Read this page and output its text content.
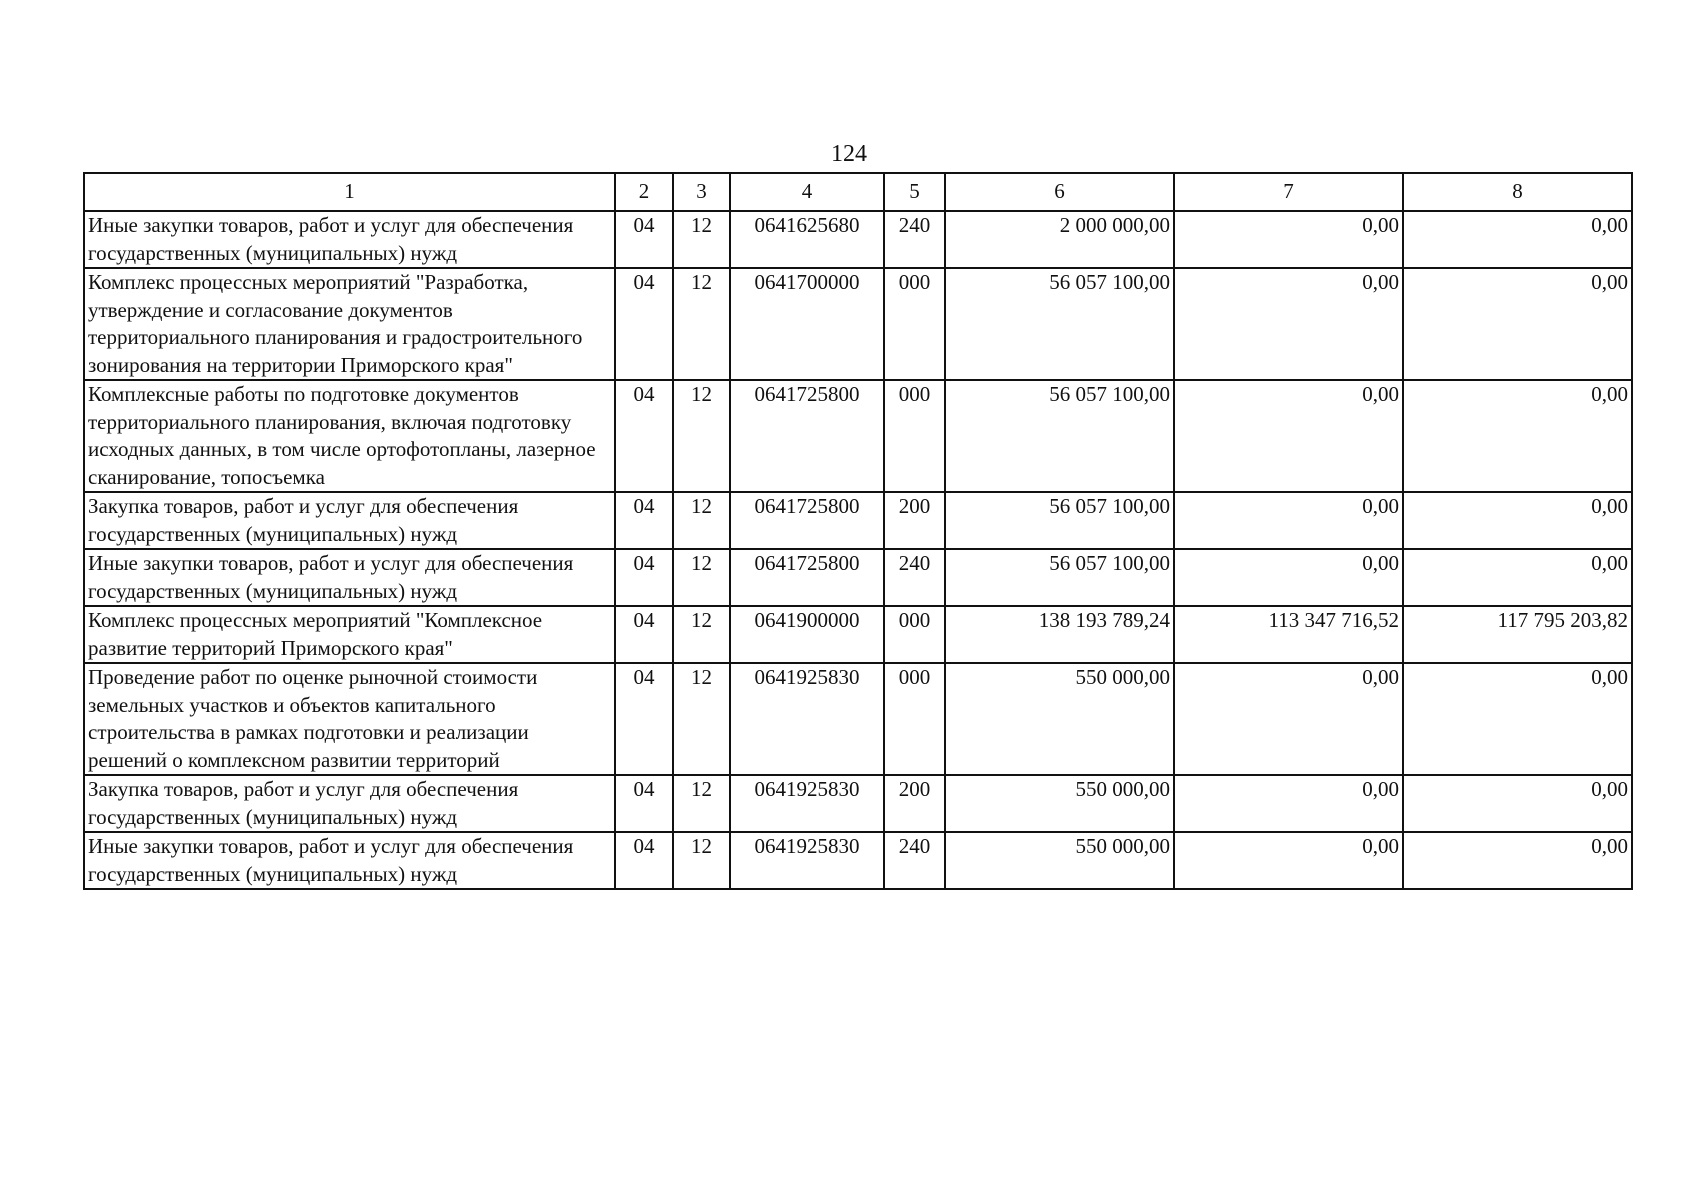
124
1	2	3	4	5	6	7	8
Иные закупки товаров, работ и услуг для обеспечения государственных (муниципальных) нужд	04	12	0641625680	240	2 000 000,00	0,00	0,00
Комплекс процессных мероприятий "Разработка, утверждение и согласование документов территориального планирования и градостроительного зонирования на территории Приморского края"	04	12	0641700000	000	56 057 100,00	0,00	0,00
Комплексные работы по подготовке документов территориального планирования, включая подготовку исходных данных, в том числе ортофотопланы, лазерное сканирование, топосъемка	04	12	0641725800	000	56 057 100,00	0,00	0,00
Закупка товаров, работ и услуг для обеспечения государственных (муниципальных) нужд	04	12	0641725800	200	56 057 100,00	0,00	0,00
Иные закупки товаров, работ и услуг для обеспечения государственных (муниципальных) нужд	04	12	0641725800	240	56 057 100,00	0,00	0,00
Комплекс процессных мероприятий "Комплексное развитие территорий Приморского края"	04	12	0641900000	000	138 193 789,24	113 347 716,52	117 795 203,82
Проведение работ по оценке рыночной стоимости земельных участков и объектов капитального строительства в рамках подготовки и реализации решений о комплексном развитии территорий	04	12	0641925830	000	550 000,00	0,00	0,00
Закупка товаров, работ и услуг для обеспечения государственных (муниципальных) нужд	04	12	0641925830	200	550 000,00	0,00	0,00
Иные закупки товаров, работ и услуг для обеспечения государственных (муниципальных) нужд	04	12	0641925830	240	550 000,00	0,00	0,00
